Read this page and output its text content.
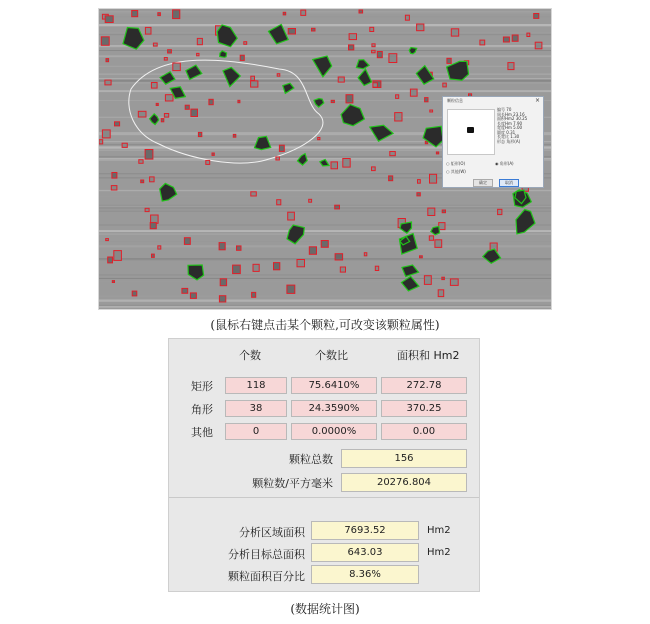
颗粒信息	×
编号 70
周长Hm 23.16
面积Hm2 30.25
长度Hm 7.90
宽度Hm 5.00
圆度 0.31
长宽比 1.30
形态 角形(A)
○ 矩形(O)	◉ 角形(A)
○ 其他(W)
确定	取消
(鼠标右键点击某个颗粒,可改变该颗粒属性)
个数	个数比	面积和 Hm2
矩形	118	75.6410%	272.78
角形	38	24.3590%	370.25
其他	0	0.0000%	0.00
颗粒总数	156
颗粒数/平方毫米	20276.804
分析区域面积	7693.52	Hm2
分析目标总面积	643.03	Hm2
颗粒面积百分比	8.36%
(数据统计图)
